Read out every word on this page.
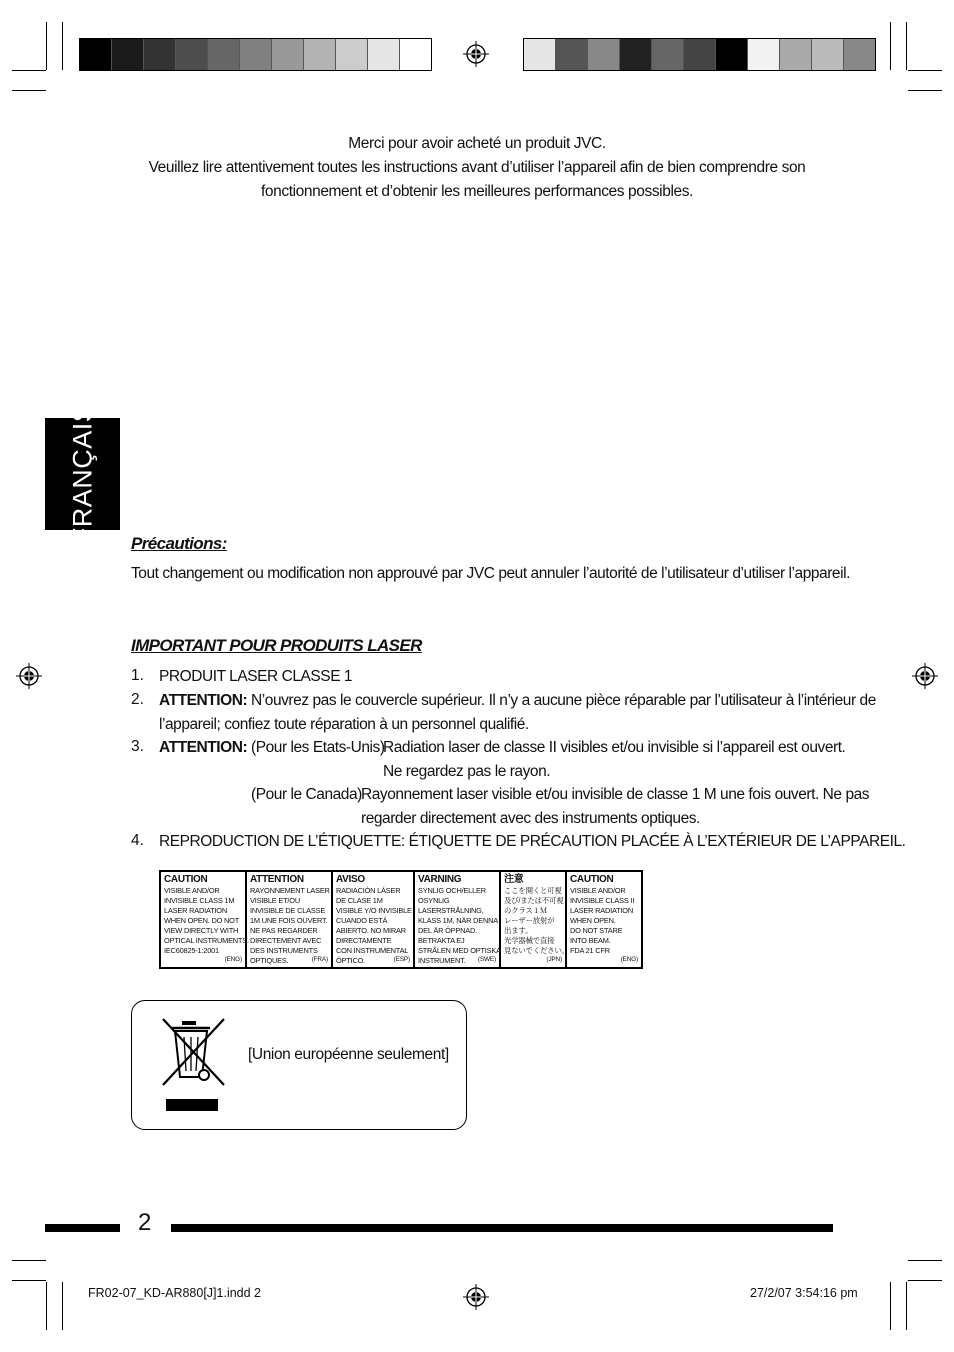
Merci pour avoir acheté un produit JVC.
Veuillez lire attentivement toutes les instructions avant d’utiliser l’appareil afin de bien comprendre son
fonctionnement et d’obtenir les meilleures performances possibles.
FRANÇAIS Précautions:
Tout changement ou modification non approuvé par JVC peut annuler l’autorité de l’utilisateur d’utiliser l’appareil.
IMPORTANT POUR PRODUITS LASER
1. PRODUIT LASER CLASSE 1
2. ATTENTION: N’ouvrez pas le couvercle supérieur. Il n’y a aucune pièce réparable par l’utilisateur à l’intérieur de
l’appareil; confiez toute réparation à un personnel qualifié.
3. ATTENTION: (Pour les Etats-Unis)
Radiation laser de classe II visibles et/ou invisible si l’appareil est ouvert.
Ne regardez pas le rayon.
(Pour le Canada) Rayonnement laser visible et/ou invisible de classe 1 M une fois ouvert. Ne pas
regarder directement avec des instruments optiques.
4. REPRODUCTION DE L’ÉTIQUETTE: ÉTIQUETTE DE PRÉCAUTION PLACÉE À L’EXTÉRIEUR DE L’APPAREIL.
CAUTION
VISIBLE AND/OR
INVISIBLE CLASS 1M
LASER RADIATION
WHEN OPEN. DO NOT
VIEW DIRECTLY WITH
OPTICAL INSTRUMENTS.
IEC60825-1:2001
(ENG)
ATTENTION
RAYONNEMENT LASER
VISIBLE ET/OU
INVISIBLE DE CLASSE
1M UNE FOIS OUVERT.
NE PAS REGARDER
DIRECTEMENT AVEC
DES INSTRUMENTS
OPTIQUES.	(FRA)
AVISO
RADIACIÓN LÁSER
DE CLASE 1M
VISIBLE Y/O INVISIBLE
CUANDO ESTÁ
ABIERTO. NO MIRAR
DIRECTAMENTE
CON INSTRUMENTAL
ÓPTICO.	(ESP)
VARNING
SYNLIG OCH/ELLER
OSYNLIG
LASERSTRÅLNING,
KLASS 1M, NÄR DENNA
DEL ÄR ÖPPNAD.
BETRAKTA EJ
STRÅLEN MED OPTISKA
INSTRUMENT.	(SWE)
注意
ここを開くと可視
及び/または不可視
のクラス１Ｍ
レーザー放射が
出ます。
光学器械で直接
見ないでください。
(JPN)
CAUTION
VISIBLE AND/OR
INVISIBLE CLASS II
LASER RADIATION
WHEN OPEN.
DO NOT STARE
INTO BEAM.
FDA 21 CFR
(ENG)
[Union européenne seulement]
2
FR02-07_KD-AR880[J]1.indd 2	27/2/07 3:54:16 pm
